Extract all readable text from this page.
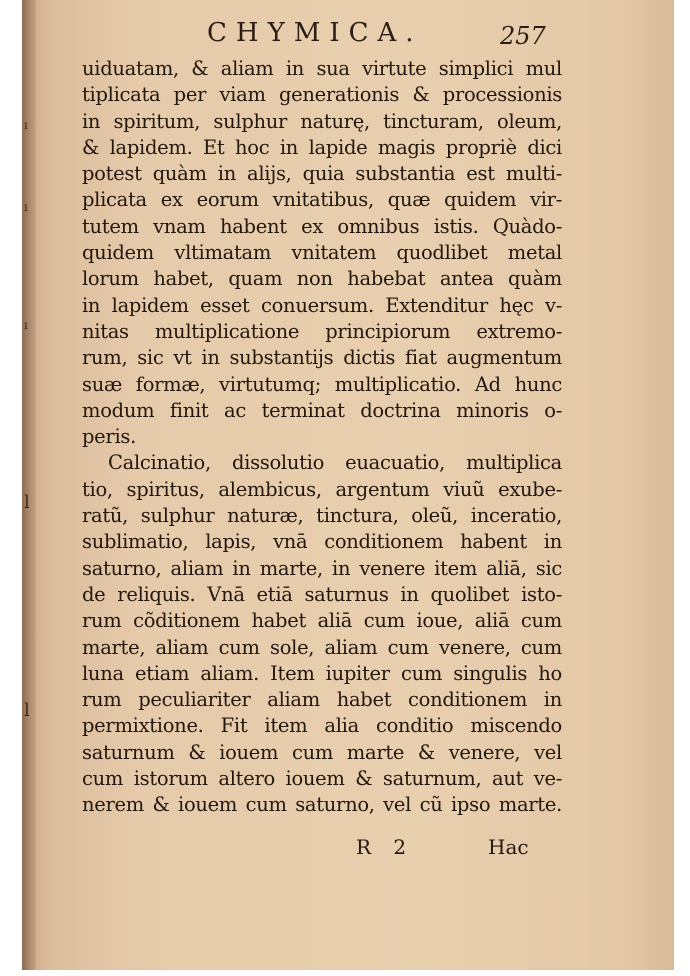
ı
ı
ı
l
l
CHYMICA.	257
uiduatam, & aliam in sua virtute simplici mul
tiplicata per viam generationis & processionis
in spiritum, sulphur naturę, tincturam, oleum,
& lapidem. Et hoc in lapide magis propriè dici
potest quàm in alijs, quia substantia est multi-
plicata ex eorum vnitatibus, quæ quidem vir-
tutem vnam habent ex omnibus istis. Quàdo-
quidem vltimatam vnitatem quodlibet metal
lorum habet, quam non habebat antea quàm
in lapidem esset conuersum. Extenditur hęc v-
nitas multiplicatione principiorum extremo-
rum, sic vt in substantijs dictis fiat augmentum
suæ formæ, virtutumq; multiplicatio. Ad hunc
modum finit ac terminat doctrina minoris o-
peris.
Calcinatio, dissolutio euacuatio, multiplica
tio, spiritus, alembicus, argentum viuũ exube-
ratũ, sulphur naturæ, tinctura, oleũ, inceratio,
sublimatio, lapis, vnā conditionem habent in
saturno, aliam in marte, in venere item aliā, sic
de reliquis. Vnā etiā saturnus in quolibet isto-
rum cõditionem habet aliā cum ioue, aliā cum
marte, aliam cum sole, aliam cum venere, cum
luna etiam aliam. Item iupiter cum singulis ho
rum peculiariter aliam habet conditionem in
permixtione. Fit item alia conditio miscendo
saturnum & iouem cum marte & venere, vel
cum istorum altero iouem & saturnum, aut ve-
nerem & iouem cum saturno, vel cũ ipso marte.
R 2	Hac
